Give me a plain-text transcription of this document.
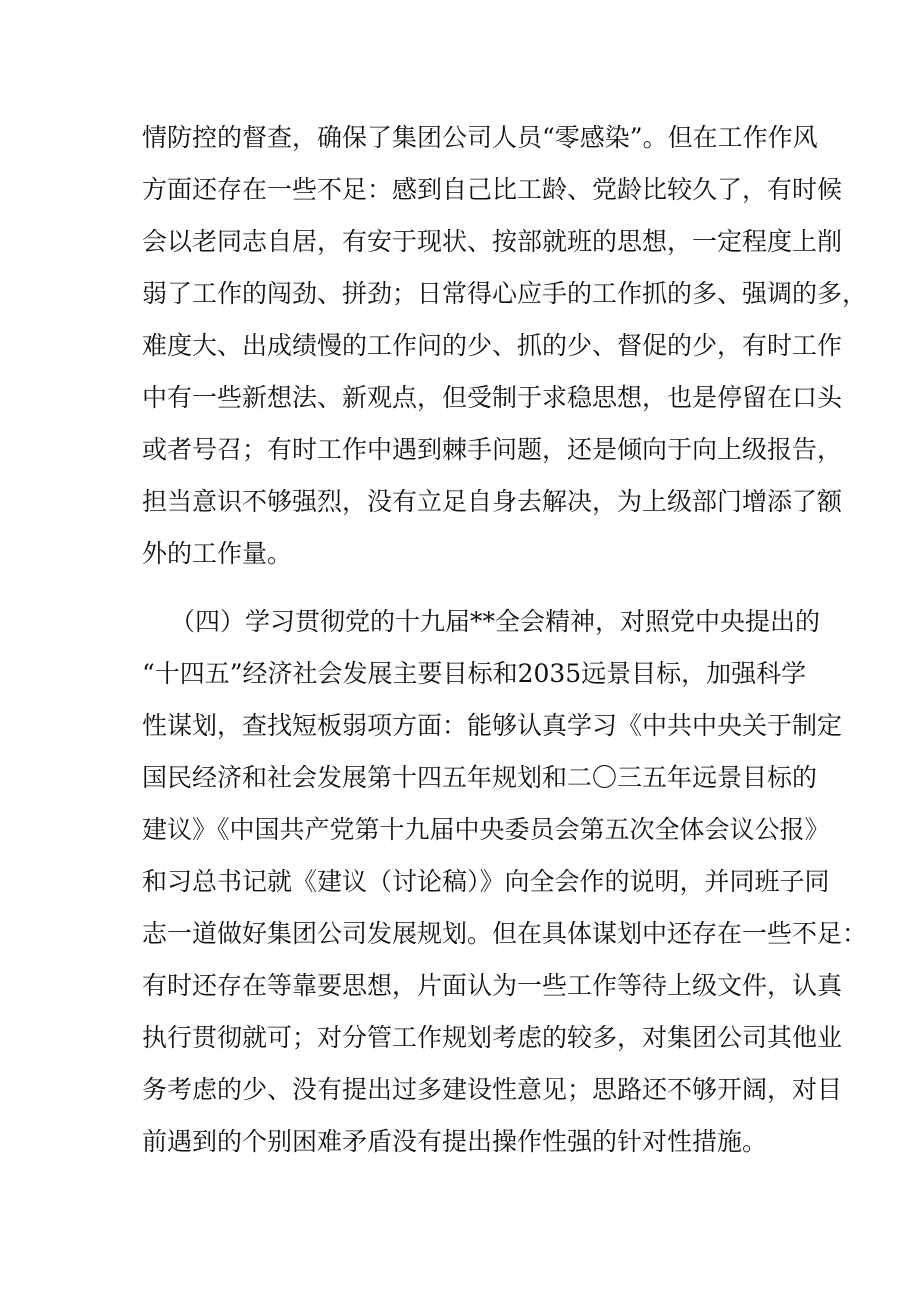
情防控的督查，确保了集团公司人员“零感染”。但在工作作风
方面还存在一些不足：感到自己比工龄、党龄比较久了，有时候
会以老同志自居，有安于现状、按部就班的思想，一定程度上削
弱了工作的闯劲、拼劲；日常得心应手的工作抓的多、强调的多，
难度大、出成绩慢的工作问的少、抓的少、督促的少，有时工作
中有一些新想法、新观点，但受制于求稳思想，也是停留在口头
或者号召；有时工作中遇到棘手问题，还是倾向于向上级报告，
担当意识不够强烈，没有立足自身去解决，为上级部门增添了额
外的工作量。
（四）学习贯彻党的十九届**全会精神，对照党中央提出的
“十四五”经济社会发展主要目标和2035远景目标，加强科学
性谋划，查找短板弱项方面：能够认真学习《中共中央关于制定
国民经济和社会发展第十四五年规划和二〇三五年远景目标的
建议》《中国共产党第十九届中央委员会第五次全体会议公报》
和习总书记就《建议（讨论稿）》向全会作的说明，并同班子同
志一道做好集团公司发展规划。但在具体谋划中还存在一些不足：
有时还存在等靠要思想，片面认为一些工作等待上级文件，认真
执行贯彻就可；对分管工作规划考虑的较多，对集团公司其他业
务考虑的少、没有提出过多建设性意见；思路还不够开阔，对目
前遇到的个别困难矛盾没有提出操作性强的针对性措施。
